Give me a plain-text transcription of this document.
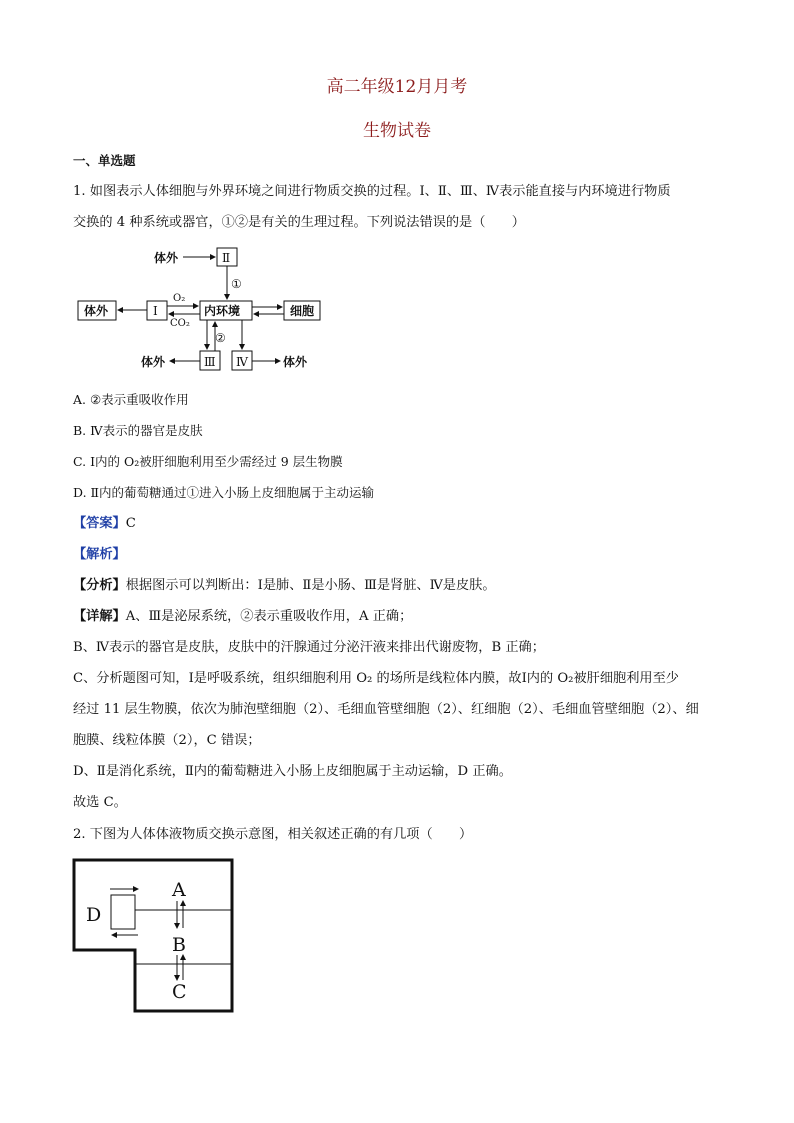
高二年级12月月考
生物试卷
一、单选题
1. 如图表示人体细胞与外界环境之间进行物质交换的过程。Ⅰ、Ⅱ、Ⅲ、Ⅳ表示能直接与内环境进行物质
交换的 4 种系统或器官，①②是有关的生理过程。下列说法错误的是（　　）
体外	Ⅱ
①
体外	Ⅰ
O₂
CO₂
内环境	细胞
②
体外	Ⅲ Ⅳ	体外
A. ②表示重吸收作用
B. Ⅳ表示的器官是皮肤
C. Ⅰ内的 O₂被肝细胞利用至少需经过 9 层生物膜
D. Ⅱ内的葡萄糖通过①进入小肠上皮细胞属于主动运输
【答案】C
【解析】
【分析】根据图示可以判断出：Ⅰ是肺、Ⅱ是小肠、Ⅲ是肾脏、Ⅳ是皮肤。
【详解】A、Ⅲ是泌尿系统，②表示重吸收作用，A 正确；
B、Ⅳ表示的器官是皮肤，皮肤中的汗腺通过分泌汗液来排出代谢废物，B 正确；
C、分析题图可知，Ⅰ是呼吸系统，组织细胞利用 O₂ 的场所是线粒体内膜，故Ⅰ内的 O₂被肝细胞利用至少
经过 11 层生物膜，依次为肺泡壁细胞（2）、毛细血管壁细胞（2）、红细胞（2）、毛细血管壁细胞（2）、细
胞膜、线粒体膜（2），C 错误；
D、Ⅱ是消化系统，Ⅱ内的葡萄糖进入小肠上皮细胞属于主动运输，D 正确。
故选 C。
2. 下图为人体体液物质交换示意图，相关叙述正确的有几项（　　）
A
B
C
D
